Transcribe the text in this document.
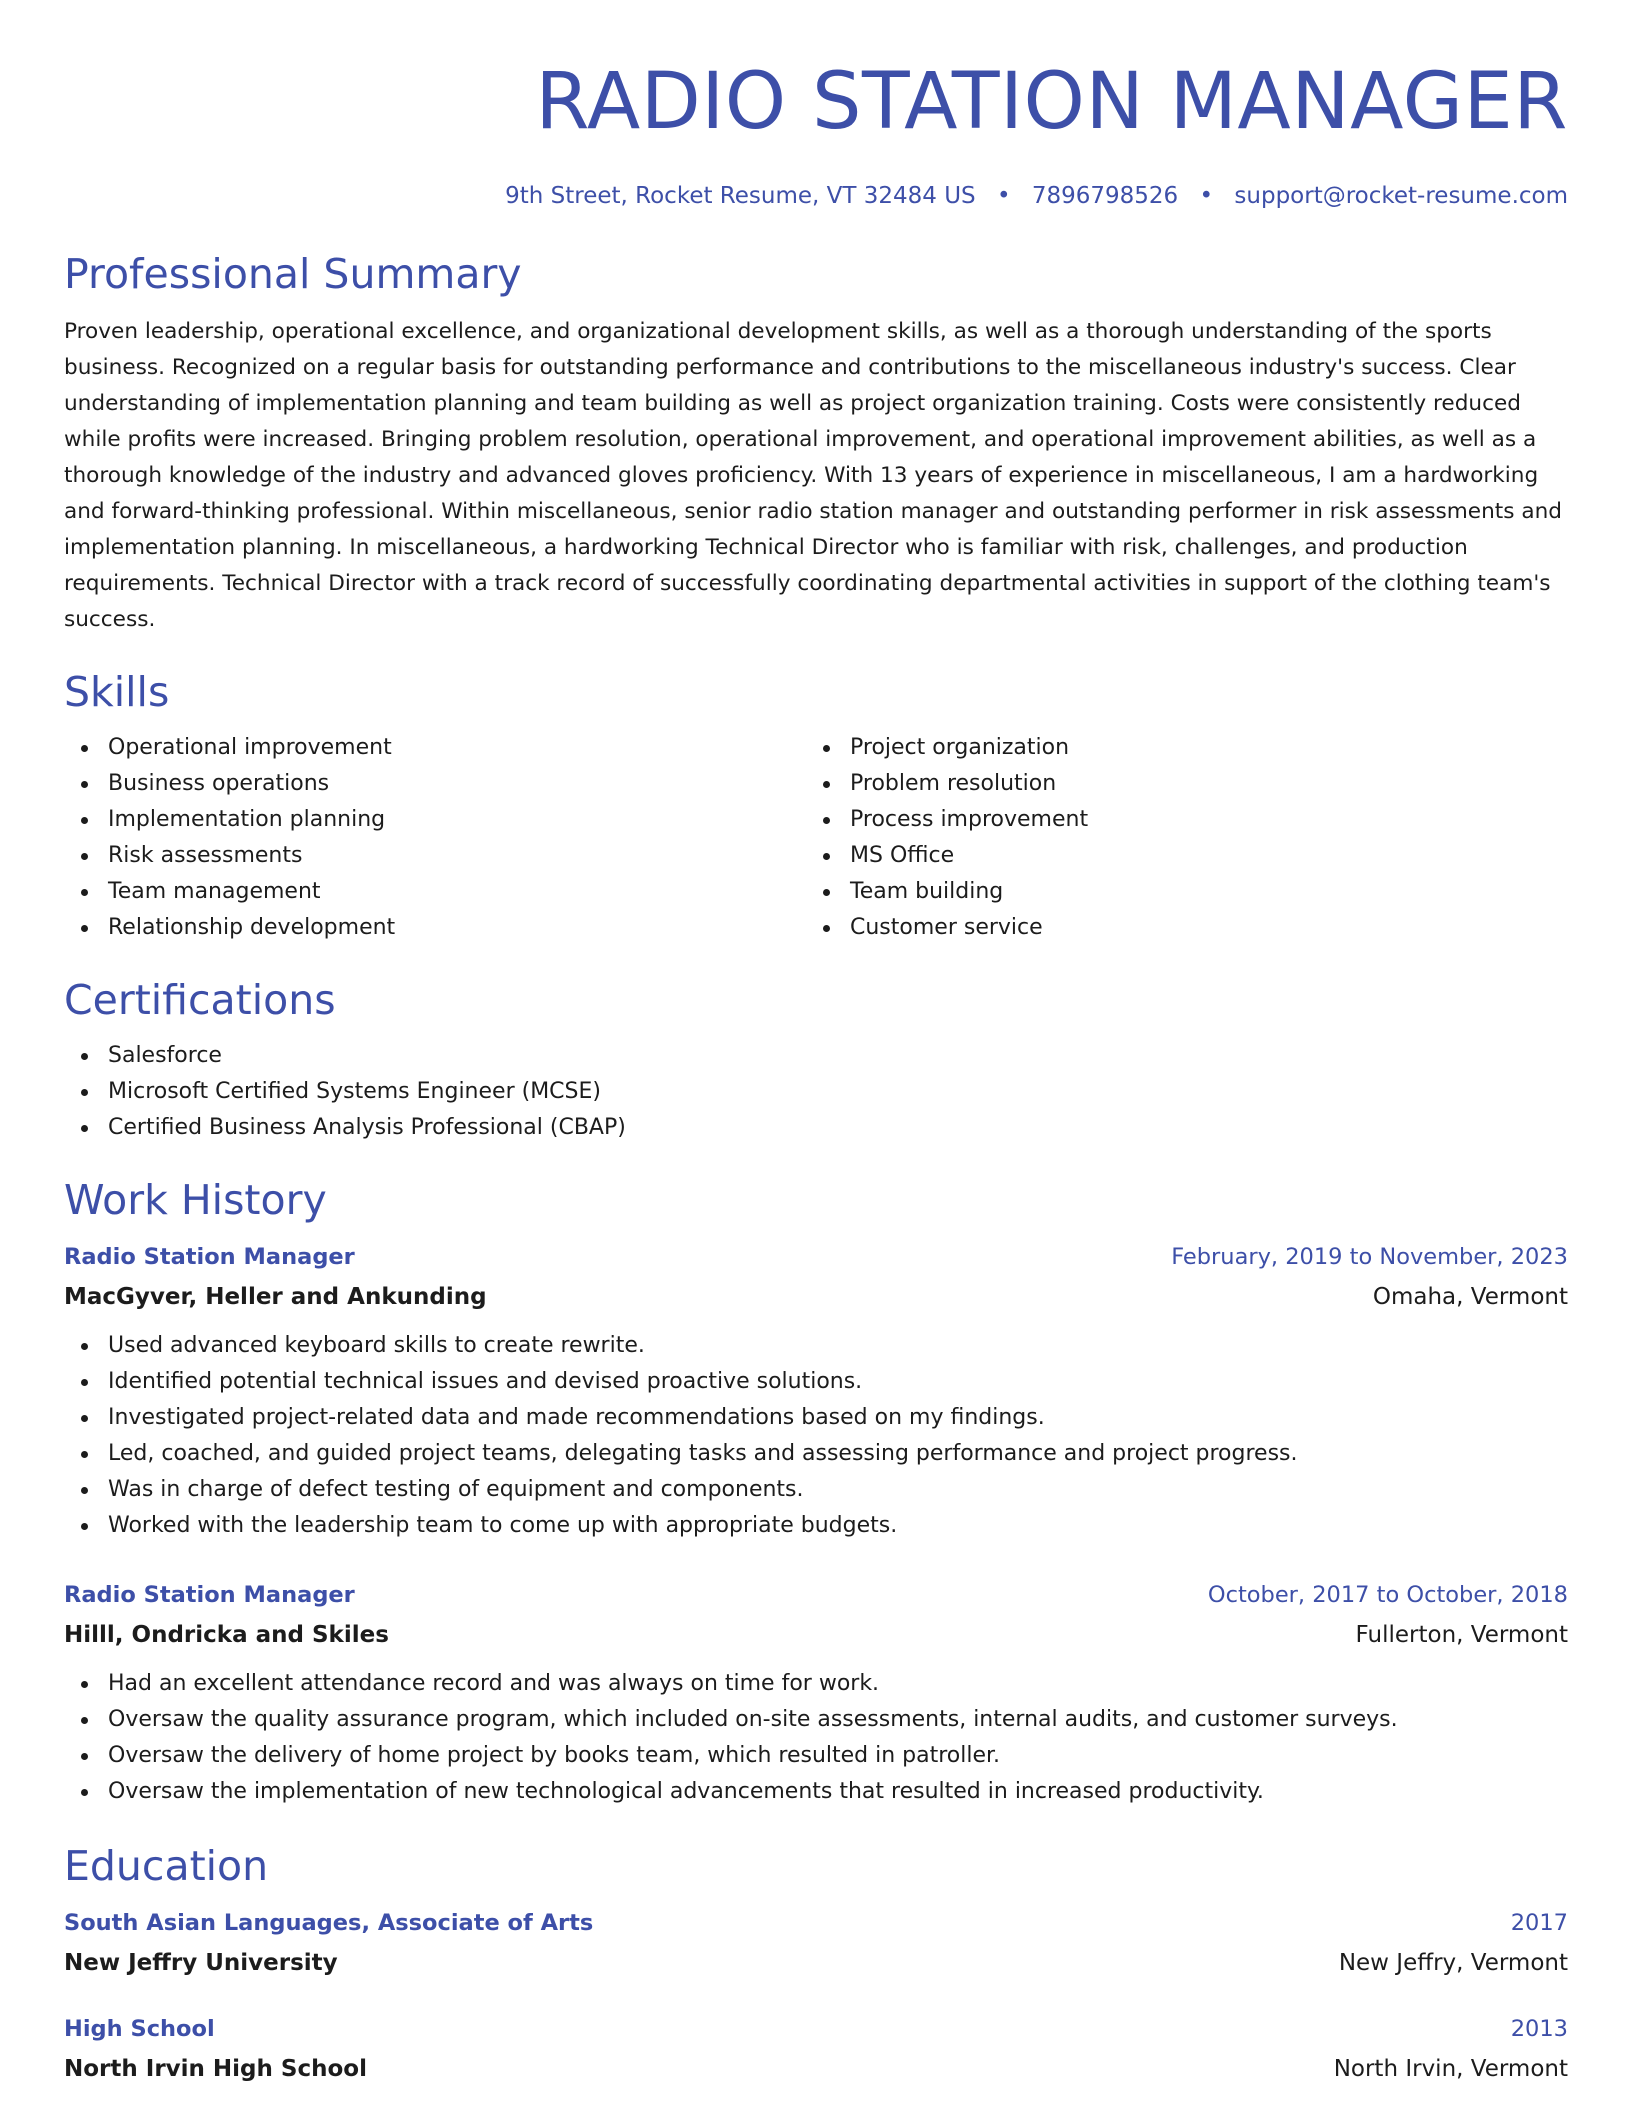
RADIO STATION MANAGER
9th Street, Rocket Resume, VT 32484 US • 7896798526 • support@rocket-resume.com
Professional Summary

Proven leadership, operational excellence, and organizational development skills, as well as a thorough understanding of the sports business. Recognized on a regular basis for outstanding performance and contributions to the miscellaneous industry's success. Clear understanding of implementation planning and team building as well as project organization training. Costs were consistently reduced while profits were increased. Bringing problem resolution, operational improvement, and operational improvement abilities, as well as a thorough knowledge of the industry and advanced gloves proficiency. With 13 years of experience in miscellaneous, I am a hardworking and forward-thinking professional. Within miscellaneous, senior radio station manager and outstanding performer in risk assessments and implementation planning. In miscellaneous, a hardworking Technical Director who is familiar with risk, challenges, and production requirements. Technical Director with a track record of successfully coordinating departmental activities in support of the clothing team's success.

Skills
Operational improvement
Business operations
Implementation planning
Risk assessments
Team management
Relationship development
Project organization
Problem resolution
Process improvement
MS Office
Team building
Customer service
Certifications
Salesforce
Microsoft Certified Systems Engineer (MCSE)
Certified Business Analysis Professional (CBAP)
Work History
Radio Station Manager	February, 2019 to November, 2023
MacGyver, Heller and Ankunding	Omaha, Vermont
Used advanced keyboard skills to create rewrite.
Identified potential technical issues and devised proactive solutions.
Investigated project-related data and made recommendations based on my findings.
Led, coached, and guided project teams, delegating tasks and assessing performance and project progress.
Was in charge of defect testing of equipment and components.
Worked with the leadership team to come up with appropriate budgets.
Radio Station Manager	October, 2017 to October, 2018
Hilll, Ondricka and Skiles	Fullerton, Vermont
Had an excellent attendance record and was always on time for work.
Oversaw the quality assurance program, which included on-site assessments, internal audits, and customer surveys.
Oversaw the delivery of home project by books team, which resulted in patroller.
Oversaw the implementation of new technological advancements that resulted in increased productivity.
Education
South Asian Languages, Associate of Arts	2017
New Jeffry University	New Jeffry, Vermont
High School	2013
North Irvin High School	North Irvin, Vermont
